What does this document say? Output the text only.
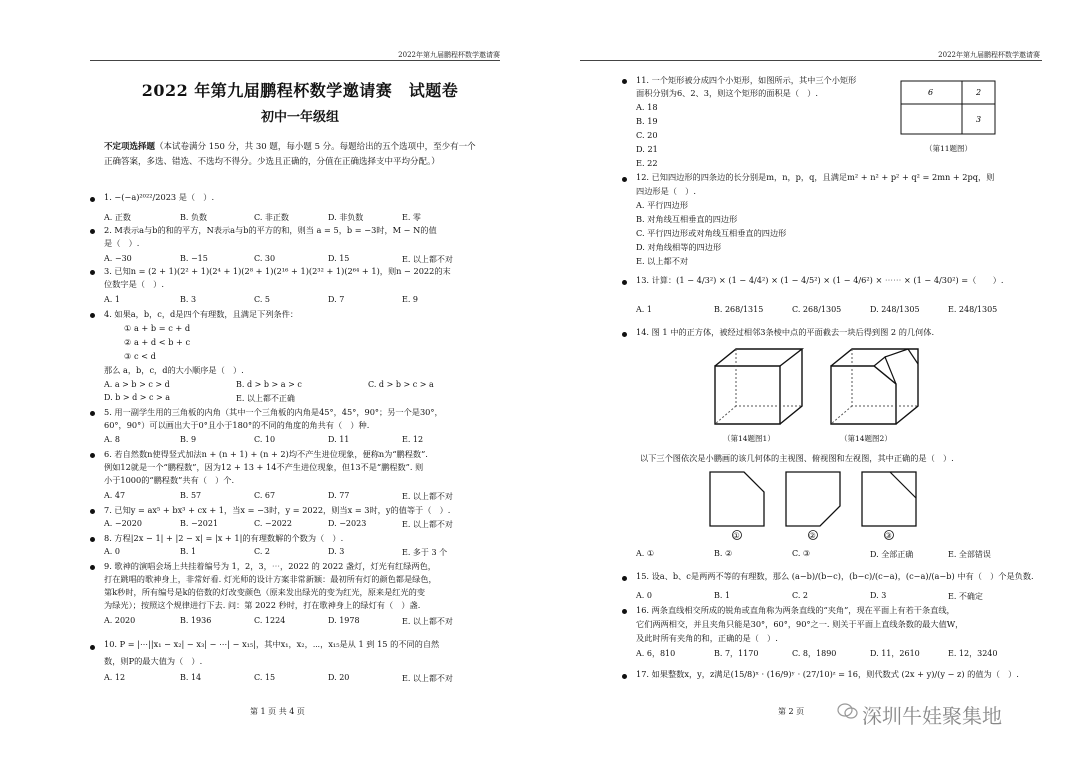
2022年第九届鹏程杯数学邀请赛
2022 年第九届鹏程杯数学邀请赛　试题卷
初中一年级组
不定项选择题（本试卷满分 150 分，共 30 题，每小题 5 分。每题给出的五个选项中，至少有一个正确答案，多选、错选、不选均不得分。少选且正确的，分值在正确选择支中平均分配。）
1. −(−a)²⁰²²/2023 是（　）.
A. 正数	B. 负数	C. 非正数	D. 非负数	E. 零
2. M表示a与b的和的平方，N表示a与b的平方的和，则当 a = 5，b = −3时，M − N的值
是（　）.
A. −30	B. −15	C. 30	D. 15	E. 以上都不对
3. 已知n = (2 + 1)(2² + 1)(2⁴ + 1)(2⁸ + 1)(2¹⁶ + 1)(2³² + 1)(2⁶⁴ + 1)，则n − 2022的末
位数字是（　）.
A. 1	B. 3	C. 5	D. 7	E. 9
4. 如果a，b，c，d是四个有理数，且满足下列条件：
① a + b = c + d
② a + d < b + c
③ c < d
那么 a，b，c，d的大小顺序是（　）.
A. a > b > c > d	B. d > b > a > c	C. d > b > c > a
D. b > d > c > a	E. 以上都不正确
5. 用一副学生用的三角板的内角（其中一个三角板的内角是45°，45°，90°；另一个是30°，
60°，90°）可以画出大于0°且小于180°的不同的角度的角共有（　）种.
A. 8	B. 9	C. 10	D. 11	E. 12
6. 若自然数n使得竖式加法n + (n + 1) + (n + 2)均不产生进位现象，便称n为“鹏程数”.
例如12就是一个“鹏程数”，因为12 + 13 + 14不产生进位现象，但13不是“鹏程数”. 则
小于1000的“鹏程数”共有（　）个.
A. 47	B. 57	C. 67	D. 77	E. 以上都不对
7. 已知y = ax⁵ + bx³ + cx + 1，当x = −3时，y = 2022，则当x = 3时，y的值等于（　）.
A. −2020	B. −2021	C. −2022	D. −2023	E. 以上都不对
8. 方程|2x − 1| + |2 − x| = |x + 1|的有理数解的个数为（　）.
A. 0	B. 1	C. 2	D. 3	E. 多于 3 个
9. 歌神的演唱会场上共挂着编号为 1，2，3，⋯，2022 的 2022 盏灯，灯光有红绿两色，
打在跳唱的歌神身上，非常好看. 灯光师的设计方案非常新颖：最初所有灯的颜色都是绿色，
第k秒时，所有编号是k的倍数的灯改变颜色（原来发出绿光的变为红光，原来是红光的变
为绿光）；按照这个规律进行下去. 问：第 2022 秒时，打在歌神身上的绿灯有（　）盏.
A. 2020	B. 1936	C. 1224	D. 1978	E. 以上都不对
10. P = |⋯||x₁ − x₂| − x₃| − ⋯| − x₁₅|，其中x₁，x₂，⋯，x₁₅是从 1 到 15 的不同的自然
数，则P的最大值为（　）.
A. 12	B. 14	C. 15	D. 20	E. 以上都不对
第 1 页 共 4 页
2022年第九届鹏程杯数学邀请赛
11. 一个矩形被分成四个小矩形，如图所示，其中三个小矩形
面积分别为6、2、3，则这个矩形的面积是（　）.
A. 18
B. 19
C. 20
D. 21
E. 22
6	2
3
（第11题图）
12. 已知四边形的四条边的长分别是m，n，p，q，且满足m² + n² + p² + q² = 2mn + 2pq，则
四边形是（　）.
A. 平行四边形
B. 对角线互相垂直的四边形
C. 平行四边形或对角线互相垂直的四边形
D. 对角线相等的四边形
E. 以上都不对
13. 计算：(1 − 4/3²) × (1 − 4/4²) × (1 − 4/5²) × (1 − 4/6²) × ⋯⋯ × (1 − 4/30²) =（　　）.
A. 1	B. 268/1315	C. 268/1305	D. 248/1305	E. 248/1305
14. 图 1 中的正方体，被经过相邻3条棱中点的平面截去一块后得到图 2 的几何体.
（第14题图1）	（第14题图2）
以下三个图依次是小鹏画的该几何体的主视图、俯视图和左视图，其中正确的是（　）.
①	②	③
A. ①	B. ②	C. ③	D. 全部正确	E. 全部错误
15. 设a、b、c是两两不等的有理数，那么 (a−b)/(b−c)，(b−c)/(c−a)，(c−a)/(a−b) 中有（　）个是负数.
A. 0	B. 1	C. 2	D. 3	E. 不确定
16. 两条直线相交所成的锐角或直角称为两条直线的“夹角”，现在平面上有若干条直线，
它们两两相交，并且夹角只能是30°，60°，90°之一. 则关于平面上直线条数的最大值W，
及此时所有夹角的和，正确的是（　）.
A. 6，810	B. 7，1170	C. 8，1890	D. 11，2610	E. 12，3240
17. 如果整数x，y，z满足(15/8)ˣ · (16/9)ʸ · (27/10)ᶻ = 16，则代数式 (2x + y)/(y − z) 的值为（　）.
第 2 页	深圳牛娃聚集地
